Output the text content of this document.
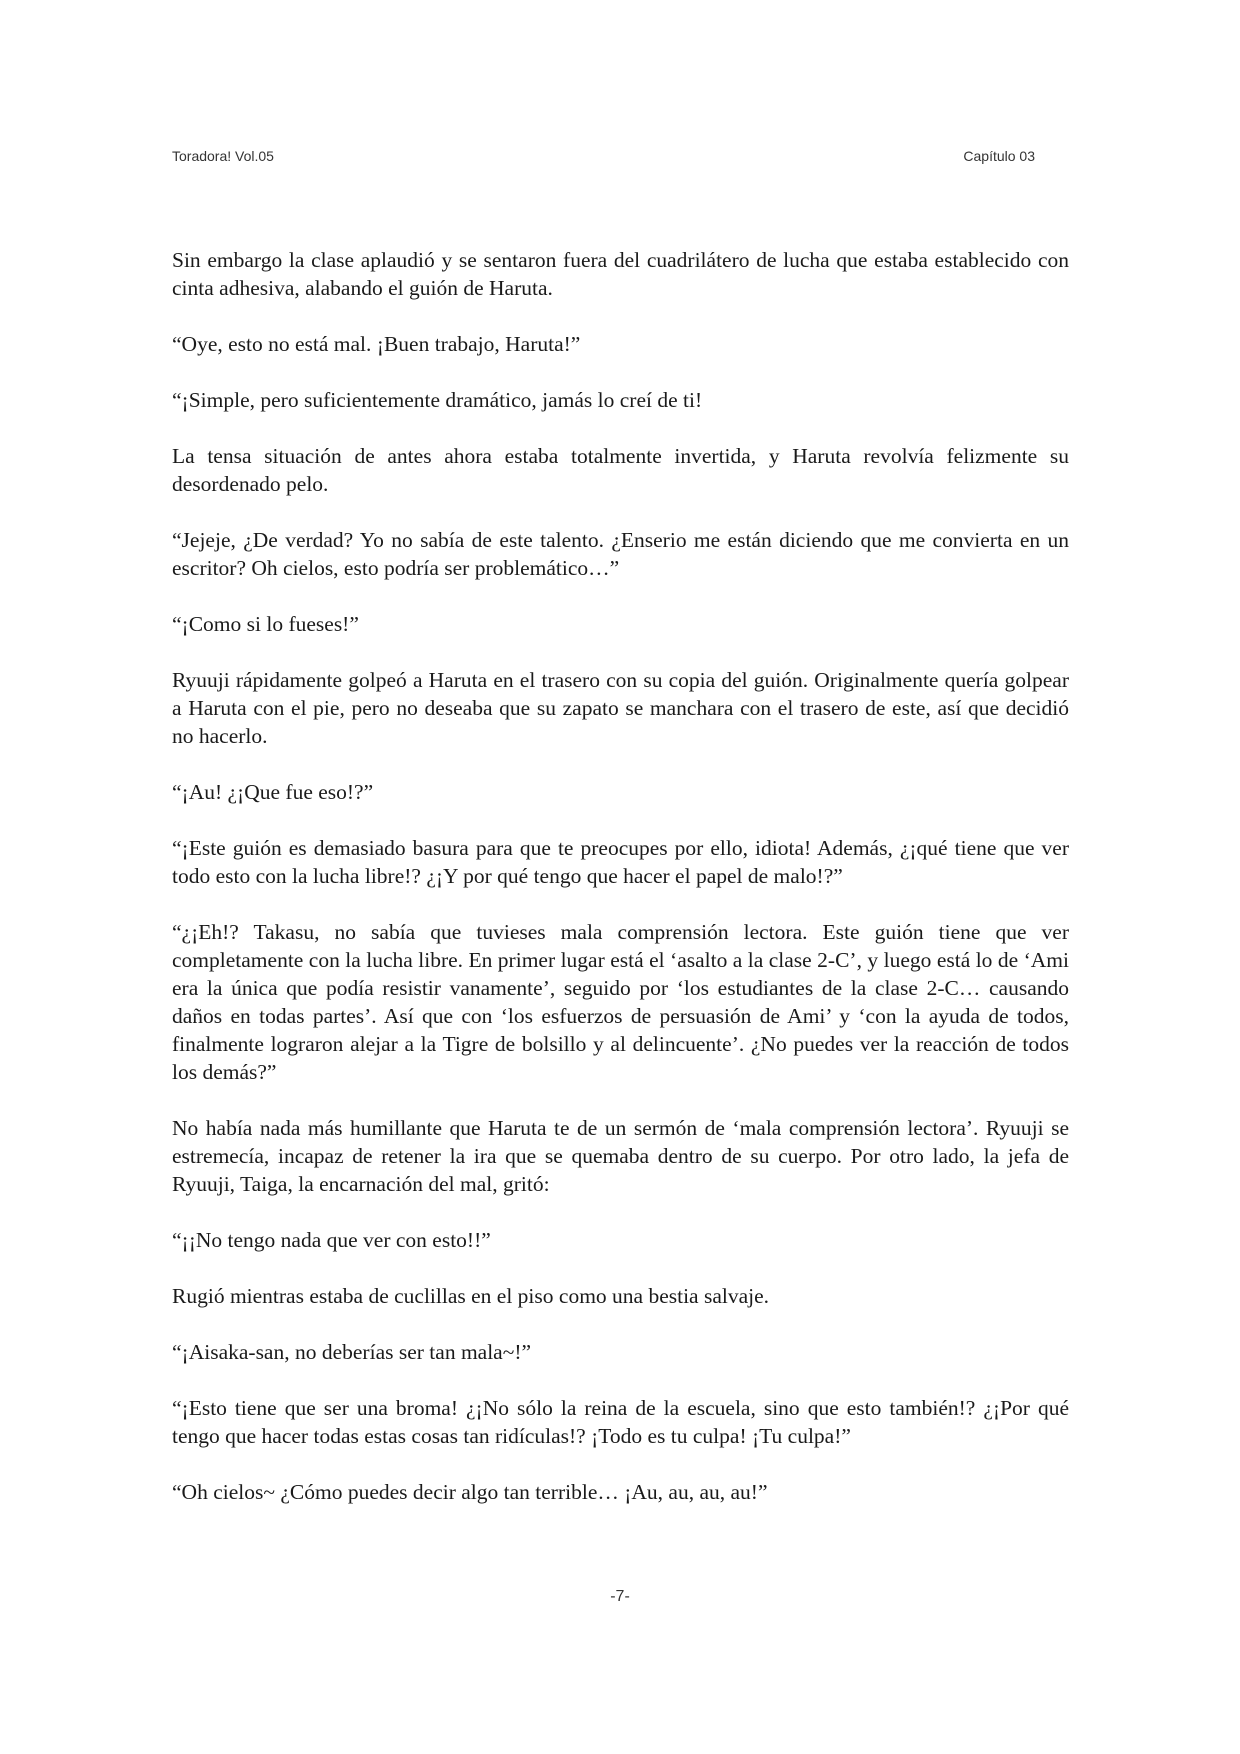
Toradora! Vol.05	Capítulo 03

Sin embargo la clase aplaudió y se sentaron fuera del cuadrilátero de lucha que estaba establecido con cinta adhesiva, alabando el guión de Haruta.

“Oye, esto no está mal. ¡Buen trabajo, Haruta!”

“¡Simple, pero suficientemente dramático, jamás lo creí de ti!

La tensa situación de antes ahora estaba totalmente invertida, y Haruta revolvía felizmente su desordenado pelo.

“Jejeje, ¿De verdad? Yo no sabía de este talento. ¿Enserio me están diciendo que me convierta en un escritor? Oh cielos, esto podría ser problemático…”

“¡Como si lo fueses!”

Ryuuji rápidamente golpeó a Haruta en el trasero con su copia del guión. Originalmente quería golpear a Haruta con el pie, pero no deseaba que su zapato se manchara con el trasero de este, así que decidió no hacerlo.

“¡Au! ¿¡Que fue eso!?”

“¡Este guión es demasiado basura para que te preocupes por ello, idiota! Además, ¿¡qué tiene que ver todo esto con la lucha libre!? ¿¡Y por qué tengo que hacer el papel de malo!?”

“¿¡Eh!? Takasu, no sabía que tuvieses mala comprensión lectora. Este guión tiene que ver completamente con la lucha libre. En primer lugar está el ‘asalto a la clase 2-C’, y luego está lo de ‘Ami era la única que podía resistir vanamente’, seguido por ‘los estudiantes de la clase 2-C… causando daños en todas partes’. Así que con ‘los esfuerzos de persuasión de Ami’ y ‘con la ayuda de todos, finalmente lograron alejar a la Tigre de bolsillo y al delincuente’. ¿No puedes ver la reacción de todos los demás?”

No había nada más humillante que Haruta te de un sermón de ‘mala comprensión lectora’. Ryuuji se estremecía, incapaz de retener la ira que se quemaba dentro de su cuerpo. Por otro lado, la jefa de Ryuuji, Taiga, la encarnación del mal, gritó:

“¡¡No tengo nada que ver con esto!!”

Rugió mientras estaba de cuclillas en el piso como una bestia salvaje.

“¡Aisaka-san, no deberías ser tan mala~!”

“¡Esto tiene que ser una broma! ¿¡No sólo la reina de la escuela, sino que esto también!? ¿¡Por qué tengo que hacer todas estas cosas tan ridículas!? ¡Todo es tu culpa! ¡Tu culpa!”

“Oh cielos~ ¿Cómo puedes decir algo tan terrible… ¡Au, au, au, au!”

-7-
